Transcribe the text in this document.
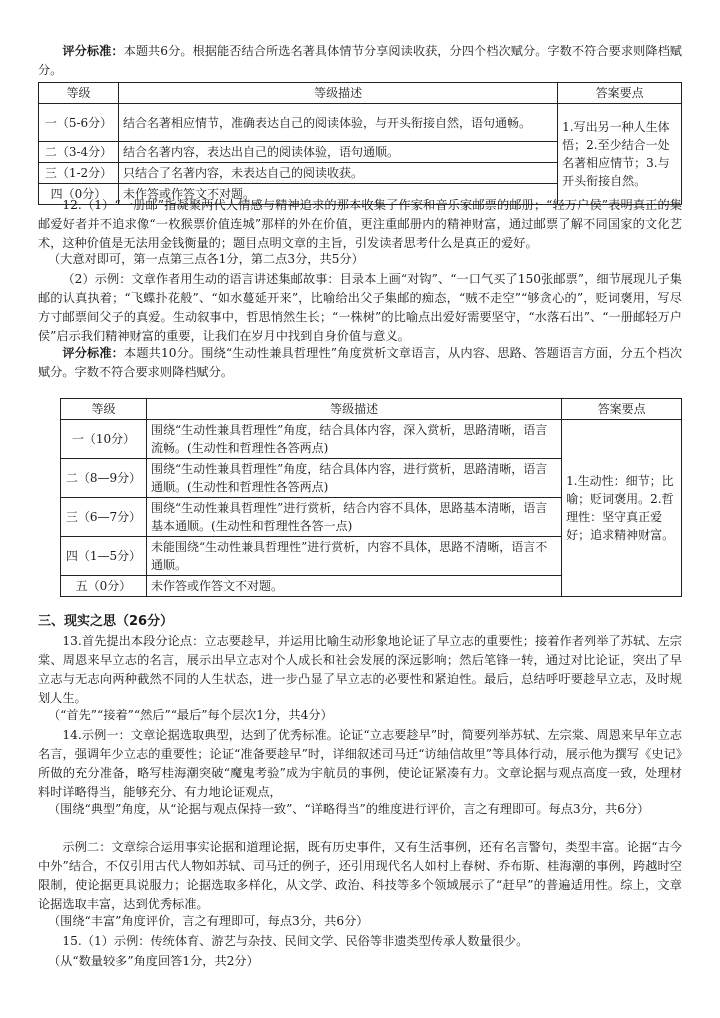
评分标准：本题共6分。根据能否结合所选名著具体情节分享阅读收获，分四个档次赋分。字数不符合要求则降档赋分。

等级	等级描述	答案要点
一（5-6分）	结合名著相应情节，准确表达自己的阅读体验，与开头衔接自然，语句通畅。	1.写出另一种人生体悟；2.至少结合一处名著相应情节；3.与开头衔接自然。
二（3-4分）	结合名著内容，表达出自己的阅读体验，语句通顺。	
三（1-2分）	只结合了名著内容，未表达自己的阅读收获。	
四（0分）	未作答或作答文不对题。	

12.（1）“一册邮”指凝聚两代人情感与精神追求的那本收集了作家和音乐家邮票的邮册；“轻万户侯”表明真正的集邮爱好者并不追求像“一枚猴票价值连城”那样的外在价值，更注重邮册内的精神财富，通过邮票了解不同国家的文化艺术，这种价值是无法用金钱衡量的；题目点明文章的主旨，引发读者思考什么是真正的爱好。

（大意对即可，第一点第三点各1分，第二点3分，共5分）

（2）示例：文章作者用生动的语言讲述集邮故事：目录本上画“对钩”、“一口气买了150张邮票”，细节展现儿子集邮的认真执着；“飞蝶扑花般”、“如水蔓延开来”，比喻给出父子集邮的痴态，“贼不走空”“够贪心的”，贬词褒用，写尽方寸邮票间父子的真爱。生动叙事中，哲思悄然生长；“一株树”的比喻点出爱好需要坚守，“水落石出”、“一册邮轻万户侯”启示我们精神财富的重要，让我们在岁月中找到自身价值与意义。

评分标准：本题共10分。围绕“生动性兼具哲理性”角度赏析文章语言，从内容、思路、答题语言方面，分五个档次赋分。字数不符合要求则降档赋分。

等级	等级描述	答案要点
一（10分）	围绕“生动性兼具哲理性”角度，结合具体内容，深入赏析，思路清晰，语言流畅。(生动性和哲理性各答两点)	1.生动性：细节；比喻；贬词褒用。2.哲理性：坚守真正爱好；追求精神财富。
二（8—9分）	围绕“生动性兼具哲理性”角度，结合具体内容，进行赏析，思路清晰，语言通顺。(生动性和哲理性各答两点)	
三（6—7分）	围绕“生动性兼具哲理性”进行赏析，结合内容不具体，思路基本清晰，语言基本通顺。(生动性和哲理性各答一点)	
四（1—5分）	未能围绕“生动性兼具哲理性”进行赏析，内容不具体，思路不清晰，语言不通顺。	
五（0分）	未作答或作答文不对题。	

三、现实之思（26分）

13.首先提出本段分论点：立志要趁早，并运用比喻生动形象地论证了早立志的重要性；接着作者列举了苏轼、左宗棠、周恩来早立志的名言，展示出早立志对个人成长和社会发展的深远影响；然后笔锋一转，通过对比论证，突出了早立志与无志向两种截然不同的人生状态，进一步凸显了早立志的必要性和紧迫性。最后，总结呼吁要趁早立志，及时规划人生。

（“首先”“接着”“然后”“最后”每个层次1分，共4分）

14.示例一：文章论据选取典型，达到了优秀标准。论证“立志要趁早”时，简要列举苏轼、左宗棠、周恩来早年立志名言，强调年少立志的重要性；论证“准备要趁早”时，详细叙述司马迁“访䌷信故里”等具体行动，展示他为撰写《史记》所做的充分准备，略写桂海潮突破“魔鬼考验”成为宇航员的事例，使论证紧凑有力。文章论据与观点高度一致，处理材料时详略得当，能够充分、有力地论证观点，

（围绕“典型”角度，从“论据与观点保持一致”、“详略得当”的维度进行评价，言之有理即可。每点3分，共6分）

示例二：文章综合运用事实论据和道理论据，既有历史事件，又有生活事例，还有名言警句，类型丰富。论据“古今中外”结合，不仅引用古代人物如苏轼、司马迁的例子，还引用现代名人如村上春树、乔布斯、桂海潮的事例，跨越时空限制，使论据更具说服力；论据选取多样化，从文学、政治、科技等多个领域展示了“赶早”的普遍适用性。综上，文章论据选取丰富，达到优秀标准。

（围绕“丰富”角度评价，言之有理即可，每点3分，共6分）

15.（1）示例：传统体育、游艺与杂技、民间文学、民俗等非遗类型传承人数量很少。

（从“数量较多”角度回答1分，共2分）
